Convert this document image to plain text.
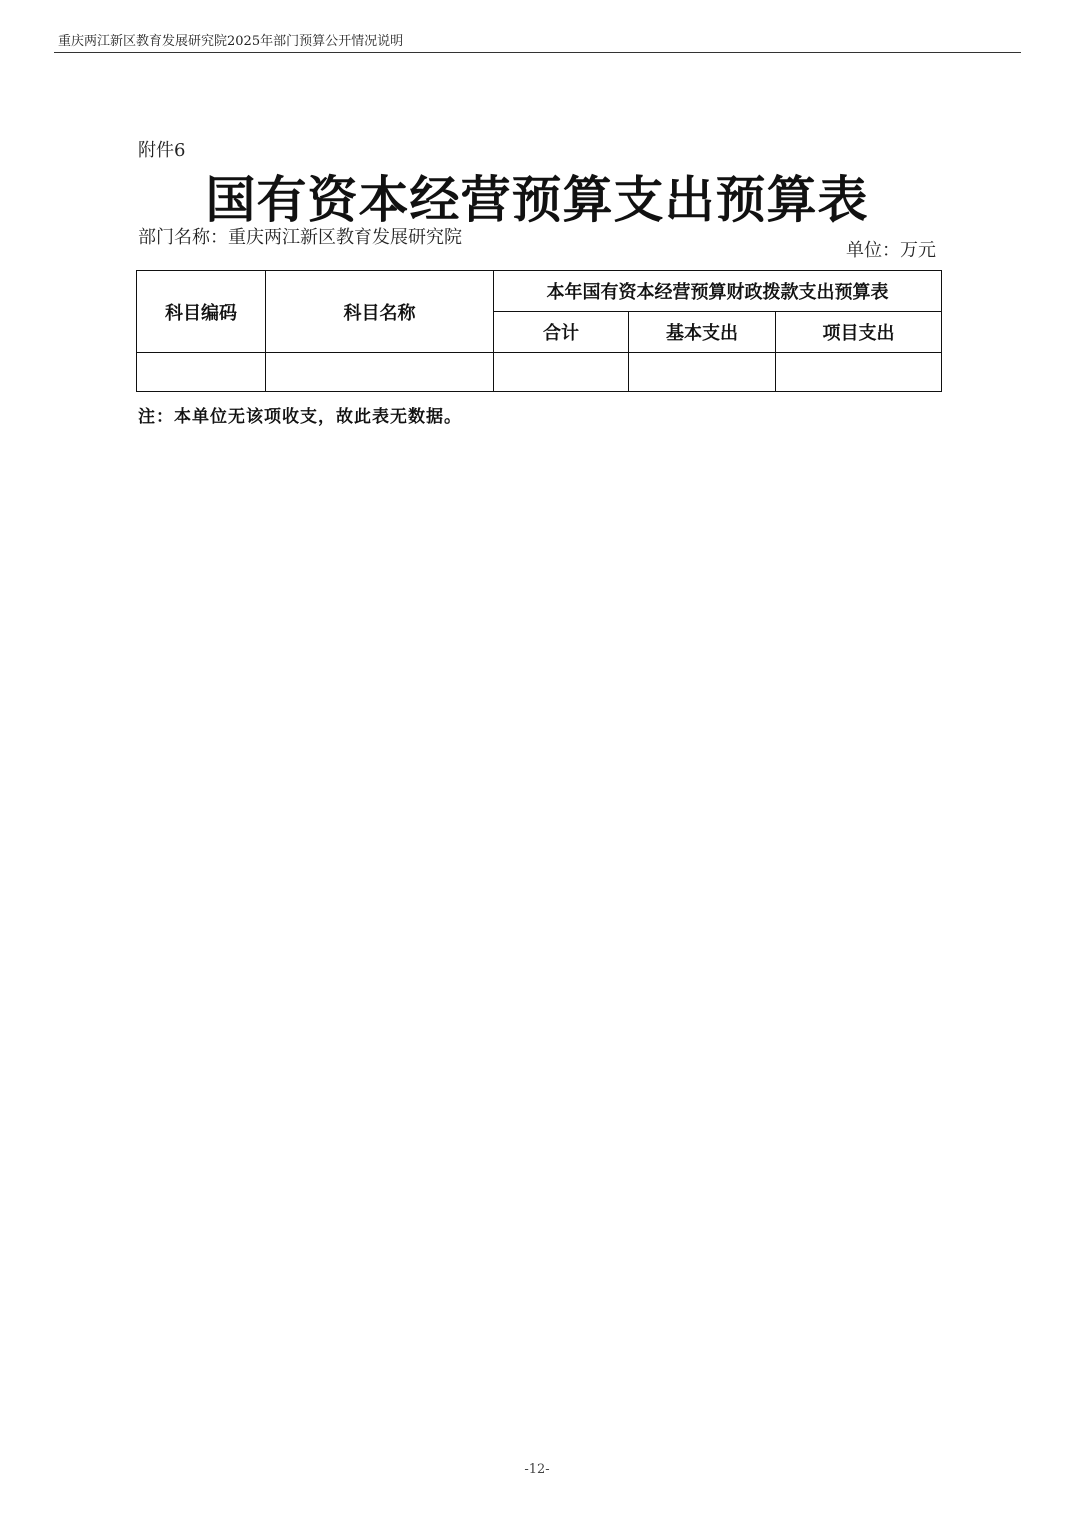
重庆两江新区教育发展研究院2025年部门预算公开情况说明
附件6
国有资本经营预算支出预算表
部门名称：重庆两江新区教育发展研究院
单位：万元
科目编码	科目名称	本年国有资本经营预算财政拨款支出预算表		
		合计	基本支出	项目支出

注：本单位无该项收支，故此表无数据。
-12-
